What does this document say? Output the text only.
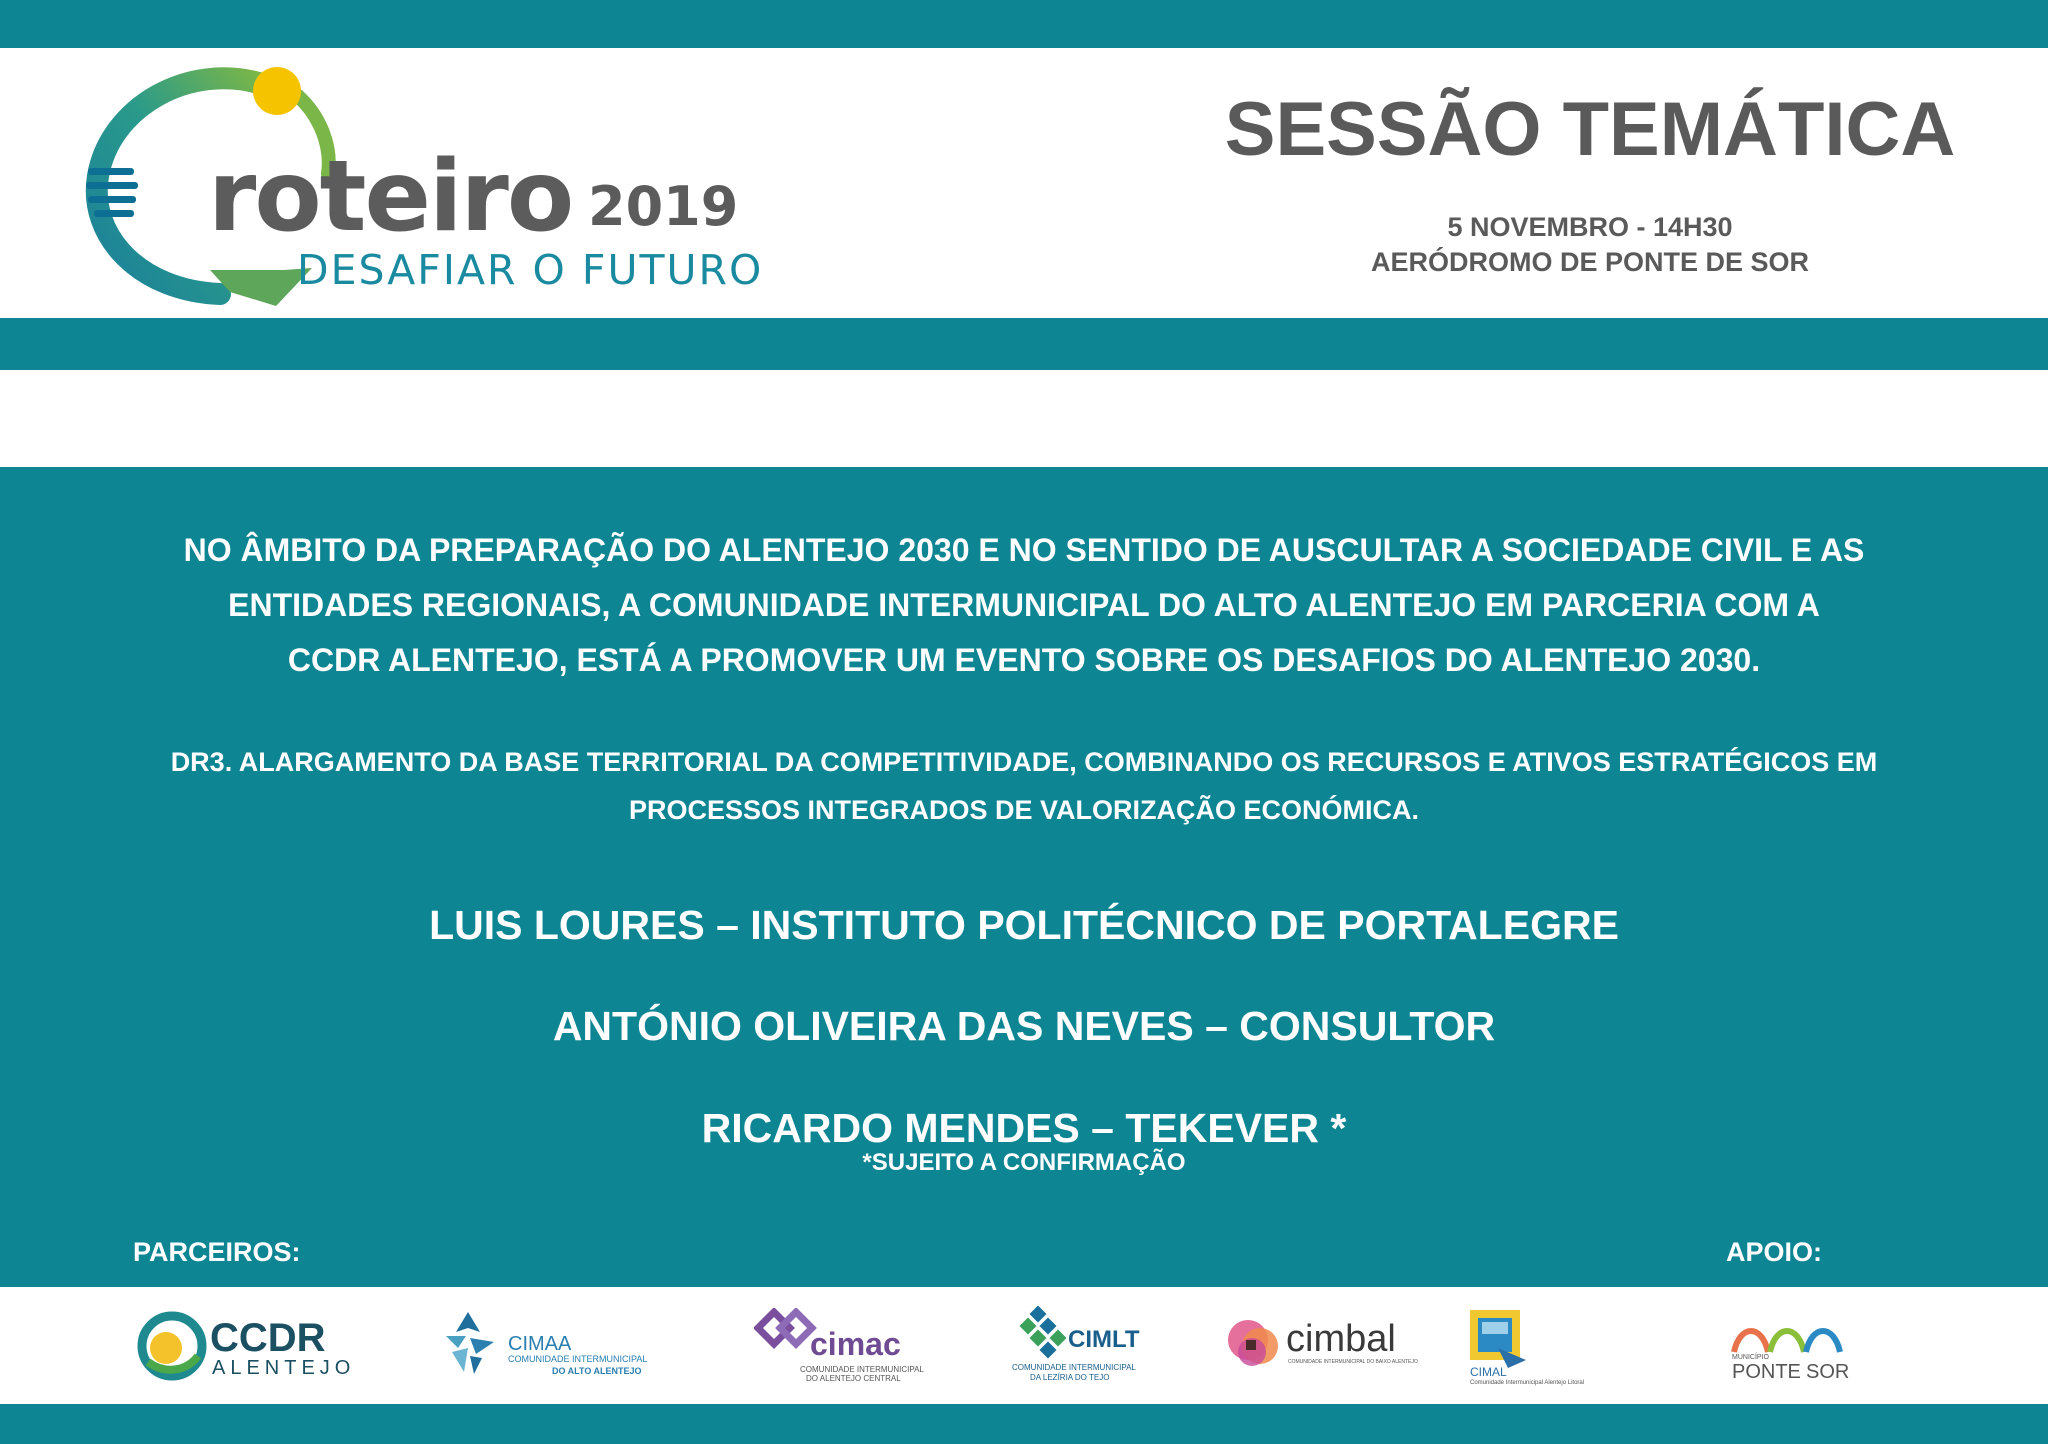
roteiro 2019
DESAFIAR O FUTURO
SESSÃO TEMÁTICA
5 NOVEMBRO - 14H30
AERÓDROMO DE PONTE DE SOR
NO ÂMBITO DA PREPARAÇÃO DO ALENTEJO 2030 E NO SENTIDO DE AUSCULTAR A SOCIEDADE CIVIL E AS
ENTIDADES REGIONAIS, A COMUNIDADE INTERMUNICIPAL DO ALTO ALENTEJO EM PARCERIA COM A
CCDR ALENTEJO, ESTÁ A PROMOVER UM EVENTO SOBRE OS DESAFIOS DO ALENTEJO 2030.
DR3. ALARGAMENTO DA BASE TERRITORIAL DA COMPETITIVIDADE, COMBINANDO OS RECURSOS E ATIVOS ESTRATÉGICOS EM
PROCESSOS INTEGRADOS DE VALORIZAÇÃO ECONÓMICA.
LUIS LOURES – INSTITUTO POLITÉCNICO DE PORTALEGRE
ANTÓNIO OLIVEIRA DAS NEVES – CONSULTOR
RICARDO MENDES – TEKEVER *
*SUJEITO A CONFIRMAÇÃO
PARCEIROS:	APOIO:
CCDR
ALENTEJO
CIMAA
COMUNIDADE INTERMUNICIPAL
DO ALTO ALENTEJO
cimac
COMUNIDADE INTERMUNICIPAL
DO ALENTEJO CENTRAL
CIMLT
COMUNIDADE INTERMUNICIPAL
DA LEZÍRIA DO TEJO
cimbal
COMUNIDADE INTERMUNICIPAL DO BAIXO ALENTEJO
CIMAL
Comunidade Intermunicipal Alentejo Litoral
MUNICÍPIO
PONTE SOR
